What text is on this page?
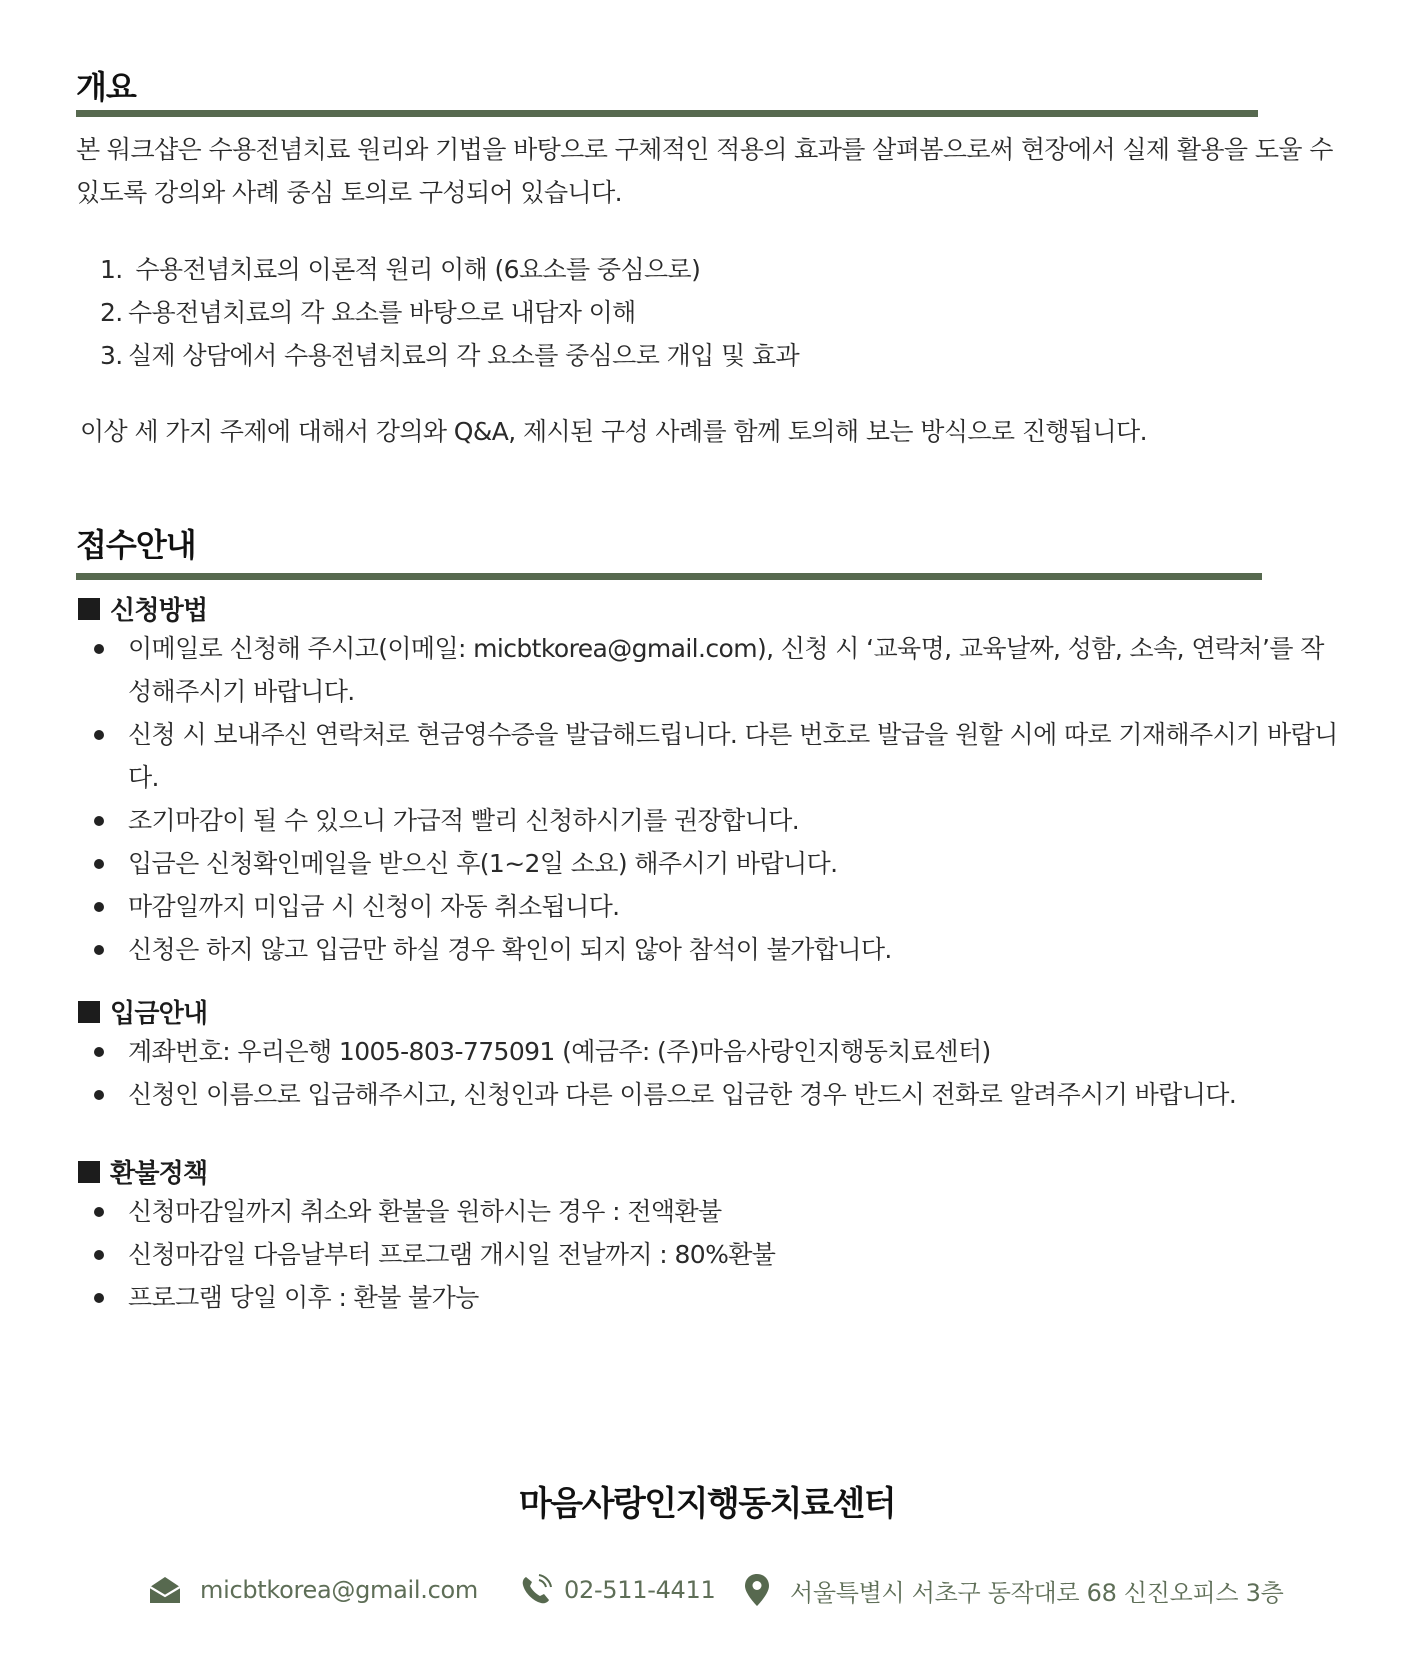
개요

본 워크샵은 수용전념치료 원리와 기법을 바탕으로 구체적인 적용의 효과를 살펴봄으로써 현장에서 실제 활용을 도울 수 있도록 강의와 사례 중심 토의로 구성되어 있습니다.

1. 수용전념치료의 이론적 원리 이해 (6요소를 중심으로)
2. 수용전념치료의 각 요소를 바탕으로 내담자 이해
3. 실제 상담에서 수용전념치료의 각 요소를 중심으로 개입 및 효과

이상 세 가지 주제에 대해서 강의와 Q&A, 제시된 구성 사례를 함께 토의해 보는 방식으로 진행됩니다.

접수안내
신청방법
이메일로 신청해 주시고(이메일: micbtkorea@gmail.com), 신청 시 ‘교육명, 교육날짜, 성함, 소속, 연락처’를 작성해주시기 바랍니다.
신청 시 보내주신 연락처로 현금영수증을 발급해드립니다. 다른 번호로 발급을 원할 시에 따로 기재해주시기 바랍니다.
조기마감이 될 수 있으니 가급적 빨리 신청하시기를 권장합니다.
입금은 신청확인메일을 받으신 후(1~2일 소요) 해주시기 바랍니다.
마감일까지 미입금 시 신청이 자동 취소됩니다.
신청은 하지 않고 입금만 하실 경우 확인이 되지 않아 참석이 불가합니다.
입금안내
계좌번호: 우리은행 1005-803-775091 (예금주: (주)마음사랑인지행동치료센터)
신청인 이름으로 입금해주시고, 신청인과 다른 이름으로 입금한 경우 반드시 전화로 알려주시기 바랍니다.
환불정책
신청마감일까지 취소와 환불을 원하시는 경우 : 전액환불
신청마감일 다음날부터 프로그램 개시일 전날까지 : 80%환불
프로그램 당일 이후 : 환불 불가능
마음사랑인지행동치료센터
micbtkorea@gmail.com	02-511-4411	서울특별시 서초구 동작대로 68 신진오피스 3층
